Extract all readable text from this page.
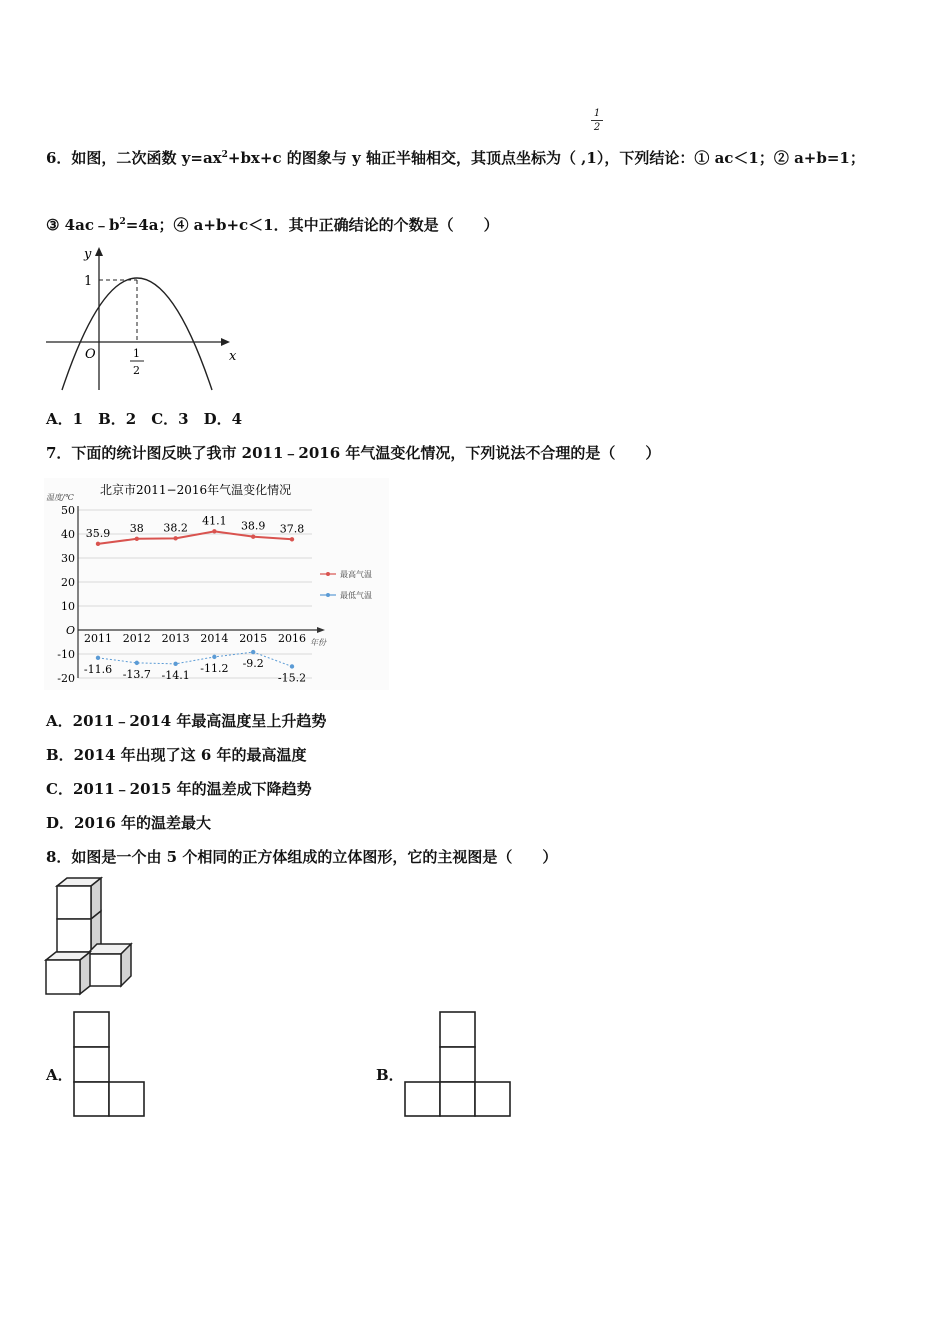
1
2
6．如图，二次函数 $y=ax^2+bx+c$ 的图象与 y 轴正半轴相交，其顶点坐标为（ ,1），下列结论：① ac＜1；② a+b=1；
③ $4ac﹣b^2=4a$；④ a+b+c＜1．其中正确结论的个数是（　　）
y
x
O
1
1
2
A．1　B．2　C．3　D．4
7．下面的统计图反映了我市 2011﹣2016 年气温变化情况，下列说法不合理的是（　　）
北京市2011−2016年气温变化情况
温度/℃
年份
50
40
30
20
10
O
-10
-20
2011 2012 2013 2014 2015 2016
35.9 38 38.2
41.1 38.9 37.8
-11.6 -13.7 -14.1
-11.2 -9.2
-15.2
最高气温
最低气温
A．2011﹣2014 年最高温度呈上升趋势
B．2014 年出现了这 6 年的最高温度
C．2011﹣2015 年的温差成下降趋势
D．2016 年的温差最大
8．如图是一个由 5 个相同的正方体组成的立体图形，它的主视图是（　　）
A．	B．
